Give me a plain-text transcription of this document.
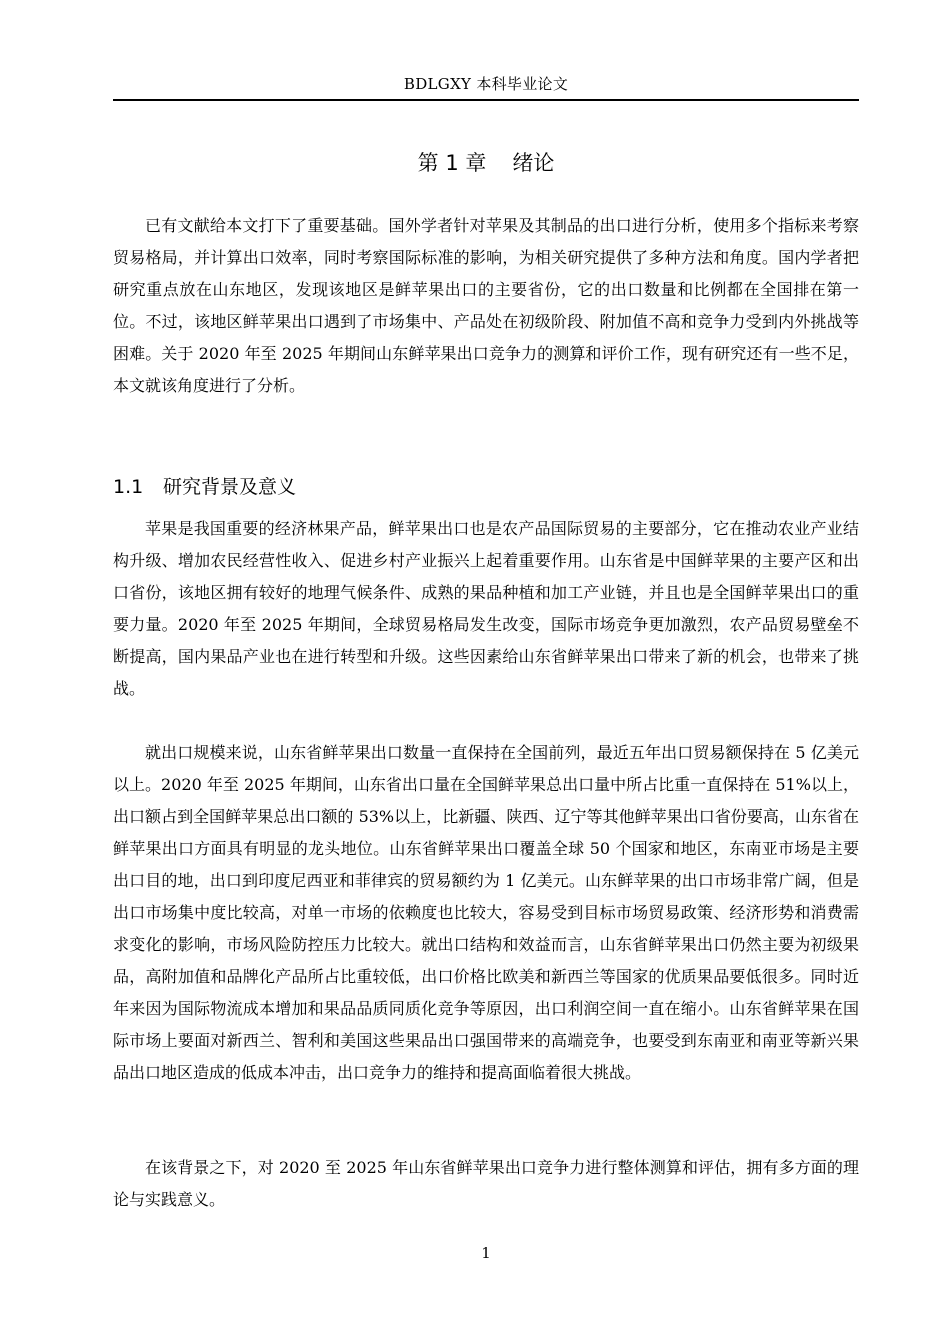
BDLGXY 本科毕业论文
第 1 章 绪论

已有文献给本文打下了重要基础。国外学者针对苹果及其制品的出口进行分析，使用多个指标来考察贸易格局，并计算出口效率，同时考察国际标准的影响，为相关研究提供了多种方法和角度。国内学者把研究重点放在山东地区，发现该地区是鲜苹果出口的主要省份，它的出口数量和比例都在全国排在第一位。不过，该地区鲜苹果出口遇到了市场集中、产品处在初级阶段、附加值不高和竞争力受到内外挑战等困难。关于 2020 年至 2025 年期间山东鲜苹果出口竞争力的测算和评价工作，现有研究还有一些不足，本文就该角度进行了分析。

1.1 研究背景及意义

苹果是我国重要的经济林果产品，鲜苹果出口也是农产品国际贸易的主要部分，它在推动农业产业结构升级、增加农民经营性收入、促进乡村产业振兴上起着重要作用。山东省是中国鲜苹果的主要产区和出口省份，该地区拥有较好的地理气候条件、成熟的果品种植和加工产业链，并且也是全国鲜苹果出口的重要力量。2020 年至 2025 年期间，全球贸易格局发生改变，国际市场竞争更加激烈，农产品贸易壁垒不断提高，国内果品产业也在进行转型和升级。这些因素给山东省鲜苹果出口带来了新的机会，也带来了挑战。

就出口规模来说，山东省鲜苹果出口数量一直保持在全国前列，最近五年出口贸易额保持在 5 亿美元以上。2020 年至 2025 年期间，山东省出口量在全国鲜苹果总出口量中所占比重一直保持在 51%以上，出口额占到全国鲜苹果总出口额的 53%以上，比新疆、陕西、辽宁等其他鲜苹果出口省份要高，山东省在鲜苹果出口方面具有明显的龙头地位。山东省鲜苹果出口覆盖全球 50 个国家和地区，东南亚市场是主要出口目的地，出口到印度尼西亚和菲律宾的贸易额约为 1 亿美元。山东鲜苹果的出口市场非常广阔，但是出口市场集中度比较高，对单一市场的依赖度也比较大，容易受到目标市场贸易政策、经济形势和消费需求变化的影响，市场风险防控压力比较大。就出口结构和效益而言，山东省鲜苹果出口仍然主要为初级果品，高附加值和品牌化产品所占比重较低，出口价格比欧美和新西兰等国家的优质果品要低很多。同时近年来因为国际物流成本增加和果品品质同质化竞争等原因，出口利润空间一直在缩小。山东省鲜苹果在国际市场上要面对新西兰、智利和美国这些果品出口强国带来的高端竞争，也要受到东南亚和南亚等新兴果品出口地区造成的低成本冲击，出口竞争力的维持和提高面临着很大挑战。

在该背景之下，对 2020 至 2025 年山东省鲜苹果出口竞争力进行整体测算和评估，拥有多方面的理论与实践意义。

1
